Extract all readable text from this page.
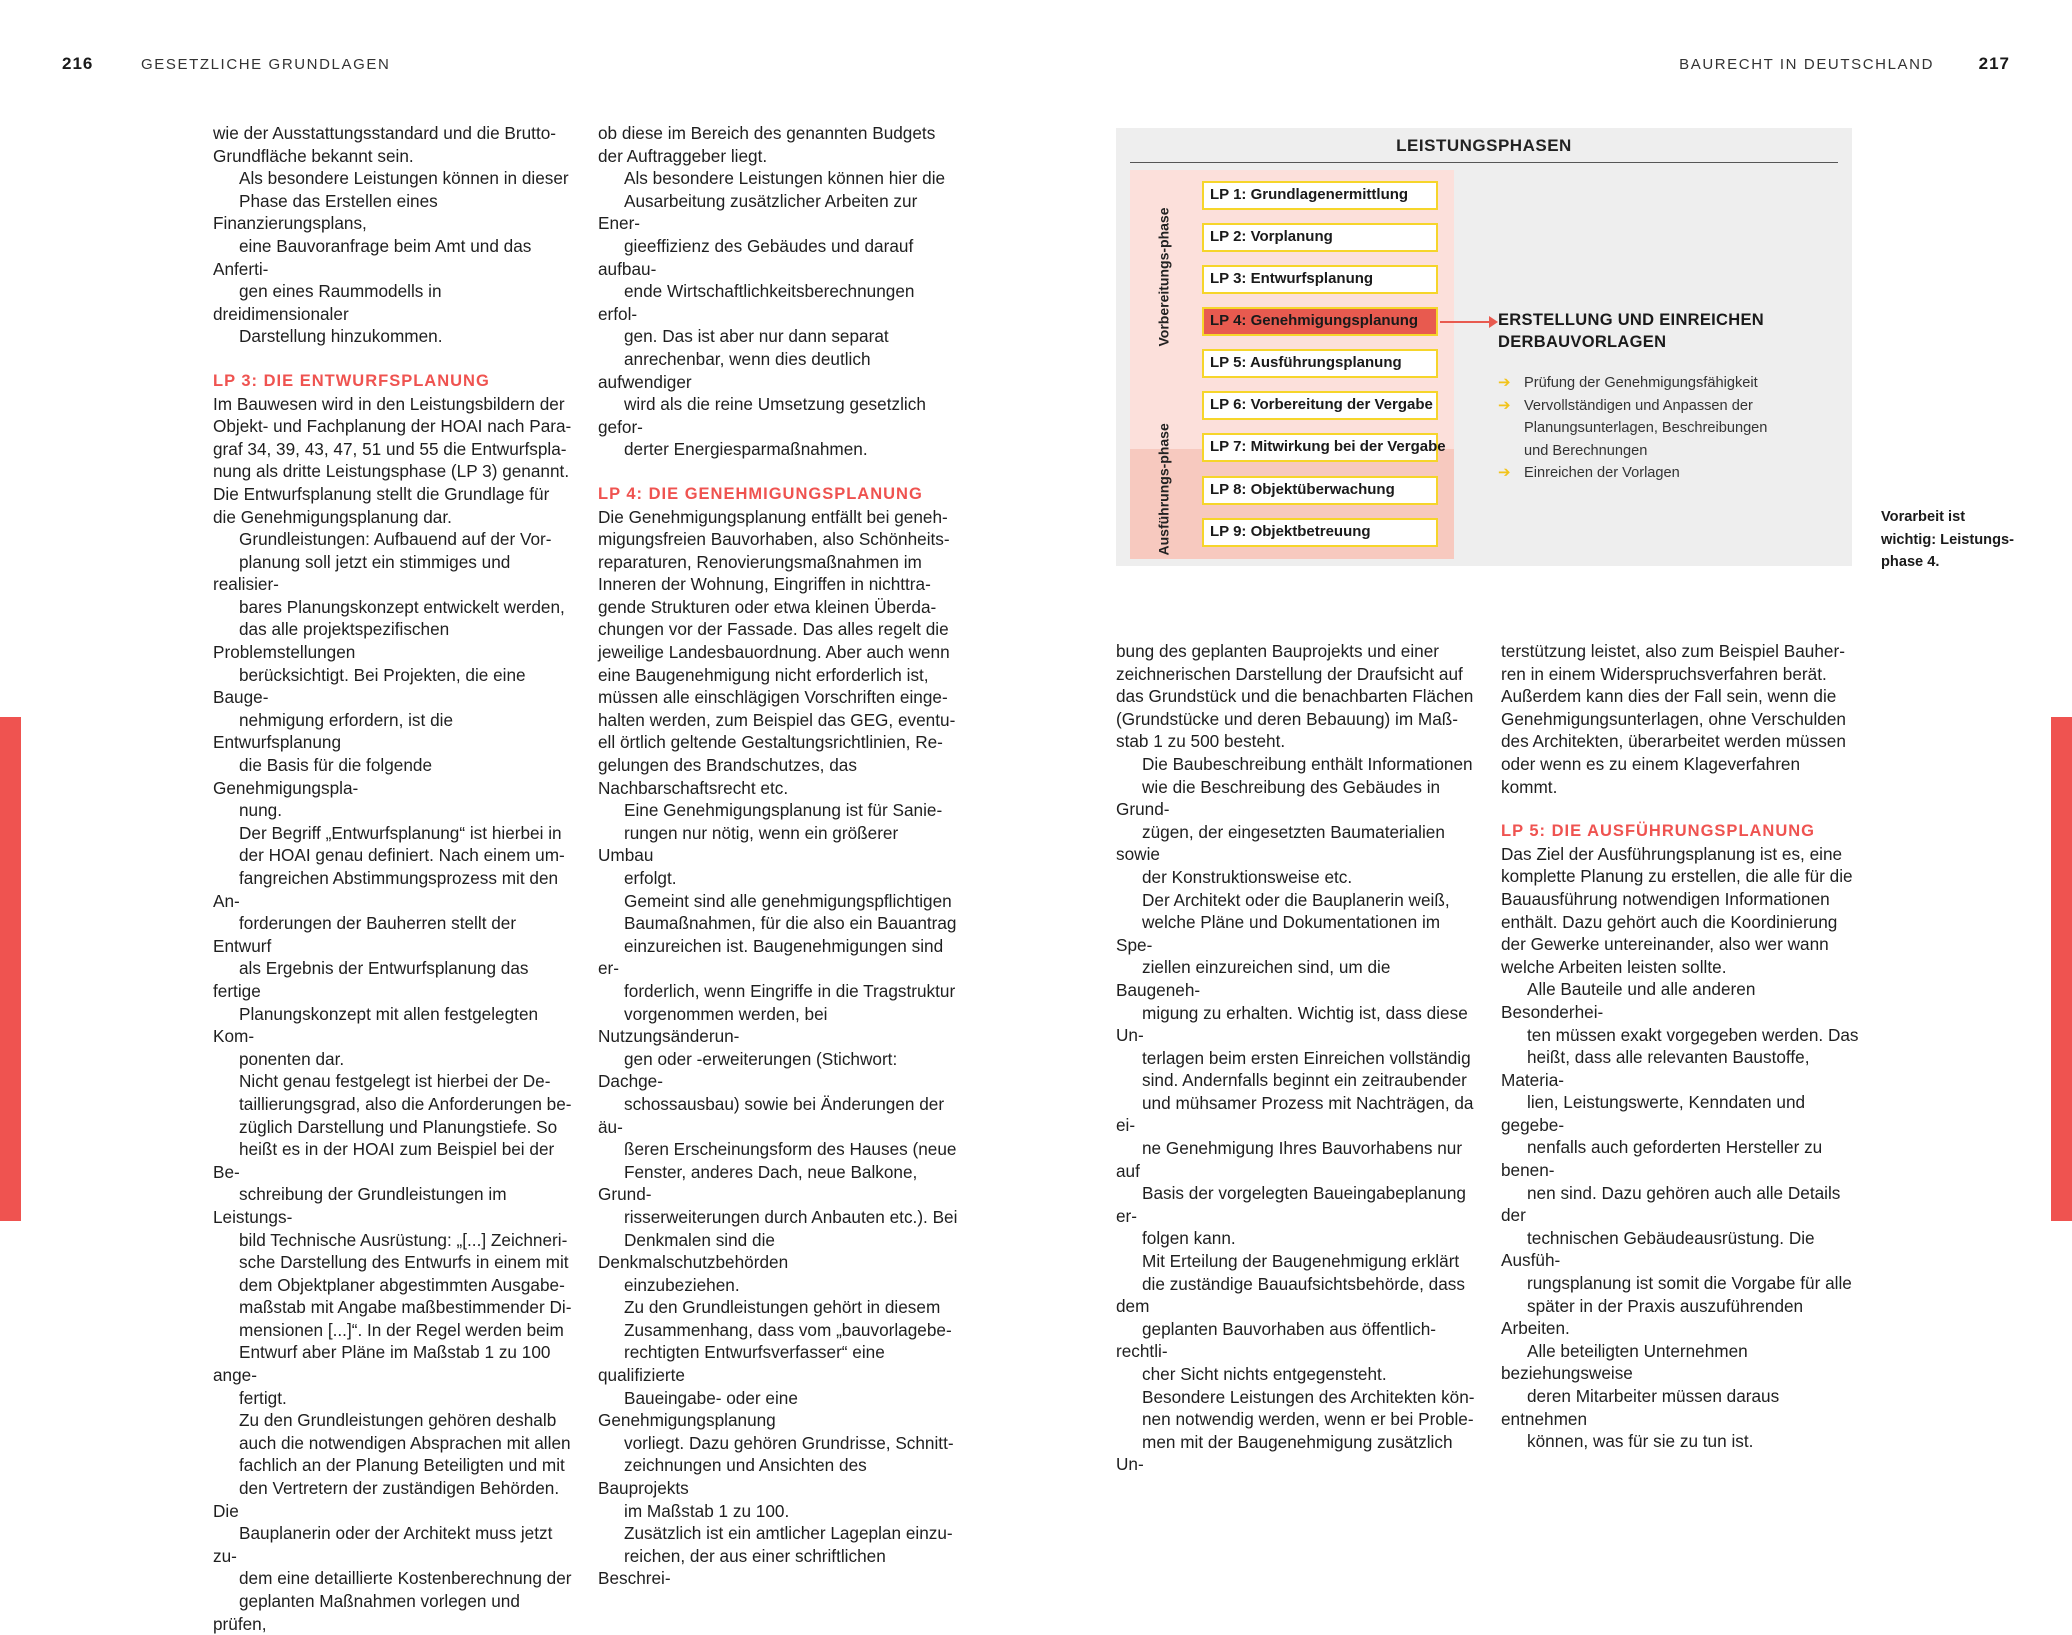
216	GESETZLICHE GRUNDLAGEN	BAURECHT IN DEUTSCHLAND	217

wie der Ausstattungsstandard und die Brutto-
Grundfläche bekannt sein.

Als besondere Leistungen können in dieser
Phase das Erstellen eines Finanzierungsplans,
eine Bauvoranfrage beim Amt und das Anferti-
gen eines Raummodells in dreidimensionaler
Darstellung hinzukommen.

LP 3: DIE ENTWURFSPLANUNG

Im Bauwesen wird in den Leistungsbildern der
Objekt- und Fachplanung der HOAI nach Para-
graf 34, 39, 43, 47, 51 und 55 die Entwurfspla-
nung als dritte Leistungsphase (LP 3) genannt.
Die Entwurfsplanung stellt die Grundlage für
die Genehmigungsplanung dar.

Grundleistungen: Aufbauend auf der Vor-
planung soll jetzt ein stimmiges und realisier-
bares Planungskonzept entwickelt werden,
das alle projektspezifischen Problemstellungen
berücksichtigt. Bei Projekten, die eine Bauge-
nehmigung erfordern, ist die Entwurfsplanung
die Basis für die folgende Genehmigungspla-
nung.

Der Begriff „Entwurfsplanung“ ist hierbei in
der HOAI genau definiert. Nach einem um-
fangreichen Abstimmungsprozess mit den An-
forderungen der Bauherren stellt der Entwurf
als Ergebnis der Entwurfsplanung das fertige
Planungskonzept mit allen festgelegten Kom-
ponenten dar.

Nicht genau festgelegt ist hierbei der De-
taillierungsgrad, also die Anforderungen be-
züglich Darstellung und Planungstiefe. So
heißt es in der HOAI zum Beispiel bei der Be-
schreibung der Grundleistungen im Leistungs-
bild Technische Ausrüstung: „[...] Zeichneri-
sche Darstellung des Entwurfs in einem mit
dem Objektplaner abgestimmten Ausgabe-
maßstab mit Angabe maßbestimmender Di-
mensionen [...]“. In der Regel werden beim
Entwurf aber Pläne im Maßstab 1 zu 100 ange-
fertigt.

Zu den Grundleistungen gehören deshalb
auch die notwendigen Absprachen mit allen
fachlich an der Planung Beteiligten und mit
den Vertretern der zuständigen Behörden. Die
Bauplanerin oder der Architekt muss jetzt zu-
dem eine detaillierte Kostenberechnung der
geplanten Maßnahmen vorlegen und prüfen,

ob diese im Bereich des genannten Budgets
der Auftraggeber liegt.

Als besondere Leistungen können hier die
Ausarbeitung zusätzlicher Arbeiten zur Ener-
gieeffizienz des Gebäudes und darauf aufbau-
ende Wirtschaftlichkeitsberechnungen erfol-
gen. Das ist aber nur dann separat
anrechenbar, wenn dies deutlich aufwendiger
wird als die reine Umsetzung gesetzlich gefor-
derter Energiesparmaßnahmen.

LP 4: DIE GENEHMIGUNGSPLANUNG

Die Genehmigungsplanung entfällt bei geneh-
migungsfreien Bauvorhaben, also Schönheits-
reparaturen, Renovierungsmaßnahmen im
Inneren der Wohnung, Eingriffen in nichttra-
gende Strukturen oder etwa kleinen Überda-
chungen vor der Fassade. Das alles regelt die
jeweilige Landesbauordnung. Aber auch wenn
eine Baugenehmigung nicht erforderlich ist,
müssen alle einschlägigen Vorschriften einge-
halten werden, zum Beispiel das GEG, eventu-
ell örtlich geltende Gestaltungsrichtlinien, Re-
gelungen des Brandschutzes, das
Nachbarschaftsrecht etc.

Eine Genehmigungsplanung ist für Sanie-
rungen nur nötig, wenn ein größerer Umbau
erfolgt.

Gemeint sind alle genehmigungspflichtigen
Baumaßnahmen, für die also ein Bauantrag
einzureichen ist. Baugenehmigungen sind er-
forderlich, wenn Eingriffe in die Tragstruktur
vorgenommen werden, bei Nutzungsänderun-
gen oder -erweiterungen (Stichwort: Dachge-
schossausbau) sowie bei Änderungen der äu-
ßeren Erscheinungsform des Hauses (neue
Fenster, anderes Dach, neue Balkone, Grund-
risserweiterungen durch Anbauten etc.). Bei
Denkmalen sind die Denkmalschutzbehörden
einzubeziehen.

Zu den Grundleistungen gehört in diesem
Zusammenhang, dass vom „bauvorlagebe-
rechtigten Entwurfsverfasser“ eine qualifizierte
Baueingabe- oder eine Genehmigungsplanung
vorliegt. Dazu gehören Grundrisse, Schnitt-
zeichnungen und Ansichten des Bauprojekts
im Maßstab 1 zu 100.

Zusätzlich ist ein amtlicher Lageplan einzu-
reichen, der aus einer schriftlichen Beschrei-

bung des geplanten Bauprojekts und einer
zeichnerischen Darstellung der Draufsicht auf
das Grundstück und die benachbarten Flächen
(Grundstücke und deren Bebauung) im Maß-
stab 1 zu 500 besteht.

Die Baubeschreibung enthält Informationen
wie die Beschreibung des Gebäudes in Grund-
zügen, der eingesetzten Baumaterialien sowie
der Konstruktionsweise etc.

Der Architekt oder die Bauplanerin weiß,
welche Pläne und Dokumentationen im Spe-
ziellen einzureichen sind, um die Baugeneh-
migung zu erhalten. Wichtig ist, dass diese Un-
terlagen beim ersten Einreichen vollständig
sind. Andernfalls beginnt ein zeitraubender
und mühsamer Prozess mit Nachträgen, da ei-
ne Genehmigung Ihres Bauvorhabens nur auf
Basis der vorgelegten Baueingabeplanung er-
folgen kann.

Mit Erteilung der Baugenehmigung erklärt
die zuständige Bauaufsichtsbehörde, dass dem
geplanten Bauvorhaben aus öffentlich-rechtli-
cher Sicht nichts entgegensteht.

Besondere Leistungen des Architekten kön-
nen notwendig werden, wenn er bei Proble-
men mit der Baugenehmigung zusätzlich Un-

terstützung leistet, also zum Beispiel Bauher-
ren in einem Widerspruchsverfahren berät.
Außerdem kann dies der Fall sein, wenn die
Genehmigungsunterlagen, ohne Verschulden
des Architekten, überarbeitet werden müssen
oder wenn es zu einem Klageverfahren kommt.

LP 5: DIE AUSFÜHRUNGSPLANUNG

Das Ziel der Ausführungsplanung ist es, eine
komplette Planung zu erstellen, die alle für die
Bauausführung notwendigen Informationen
enthält. Dazu gehört auch die Koordinierung
der Gewerke untereinander, also wer wann
welche Arbeiten leisten sollte.

Alle Bauteile und alle anderen Besonderhei-
ten müssen exakt vorgegeben werden. Das
heißt, dass alle relevanten Baustoffe, Materia-
lien, Leistungswerte, Kenndaten und gegebe-
nenfalls auch geforderten Hersteller zu benen-
nen sind. Dazu gehören auch alle Details der
technischen Gebäudeausrüstung. Die Ausfüh-
rungsplanung ist somit die Vorgabe für alle
später in der Praxis auszuführenden Arbeiten.
Alle beteiligten Unternehmen beziehungsweise
deren Mitarbeiter müssen daraus entnehmen
können, was für sie zu tun ist.

LEISTUNGSPHASEN
Vorbereitungs-phase
Ausführungs-phase
LP 1: Grundlagenermittlung
LP 2: Vorplanung
LP 3: Entwurfsplanung
LP 4: Genehmigungsplanung
LP 5: Ausführungsplanung
LP 6: Vorbereitung der Vergabe
LP 7: Mitwirkung bei der Vergabe
LP 8: Objektüberwachung
LP 9: Objektbetreuung
ERSTELLUNG UND EINREICHEN DERBAUVORLAGEN
➔ Prüfung der Genehmigungsfähigkeit
➔ Vervollständigen und Anpassen der
Planungsunterlagen, Beschreibungen
und Berechnungen
➔ Einreichen der Vorlagen
Vorarbeit ist
wichtig: Leistungs-
phase 4.
